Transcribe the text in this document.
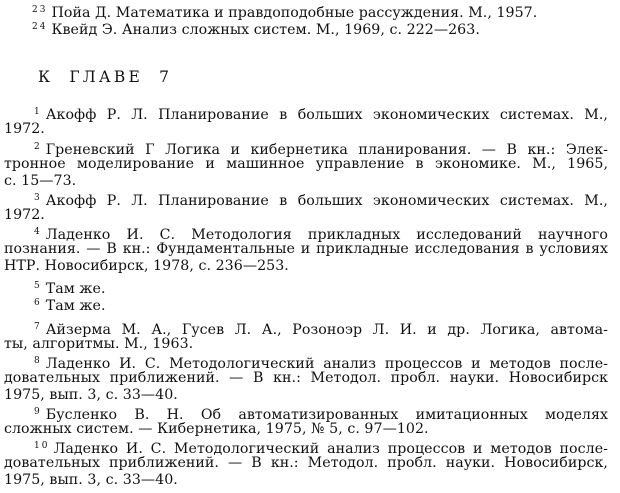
$^{23}$ Пойа Д. Математика и правдоподобные рассуждения. М., 1957.
$^{24}$ Квейд Э. Анализ сложных систем. М., 1969, с. 222—263.
К ГЛАВЕ 7
$^1$ Акофф Р. Л. Планирование в больших экономических системах. М.,
1972.
$^2$ Греневский Г Логика и кибернетика планирования. — В кн.: Элек-
тронное моделирование и машинное управление в экономике. М., 1965,
с. 15—73.
$^3$ Акофф Р. Л. Планирование в больших экономических системах. М.,
1972.
$^4$ Ладенко И. С. Методология прикладных исследований научного
познания. — В кн.: Фундаментальные и прикладные исследования в условиях
НТР. Новосибирск, 1978, с. 236—253.
$^5$ Там же.
$^6$ Там же.
$^7$ Айзерма М. А., Гусев Л. А., Розоноэр Л. И. и др. Логика, автома-
ты, алгоритмы. М., 1963.
$^8$ Ладенко И. С. Методологический анализ процессов и методов после-
довательных приближений. — В кн.: Методол. пробл. науки. Новосибирск
1975, вып. 3, с. 33—40.
$^9$ Бусленко В. Н. Об автоматизированных имитационных моделях
сложных систем. — Кибернетика, 1975, № 5, с. 97—102.
$^{10}$ Ладенко И. С. Методологический анализ процессов и методов после-
довательных приближений. — В кн.: Методол. пробл. науки. Новосибирск,
1975, вып. 3, с. 33—40.
